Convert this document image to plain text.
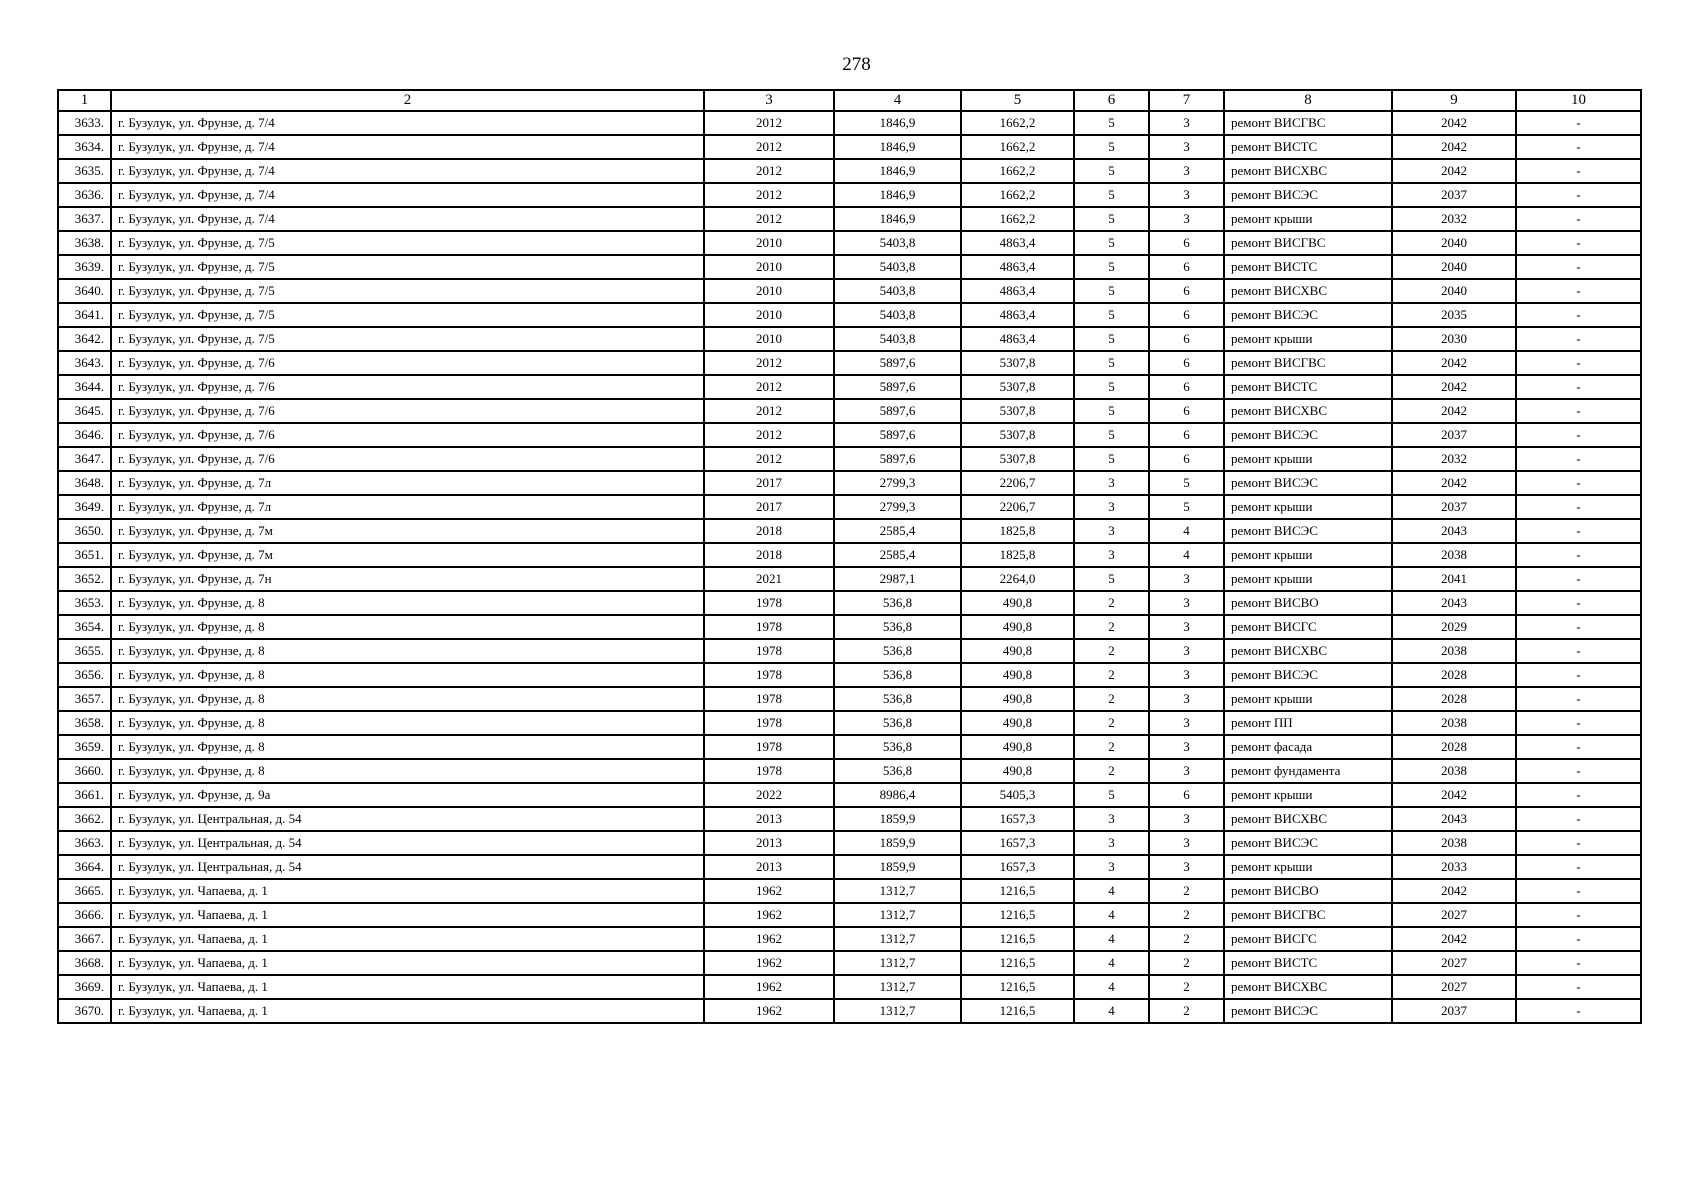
278
1	2	3	4	5	6	7	8	9	10
3633.	г. Бузулук, ул. Фрунзе, д. 7/4	2012	1846,9	1662,2	5	3	ремонт ВИСГВС	2042	-
3634.	г. Бузулук, ул. Фрунзе, д. 7/4	2012	1846,9	1662,2	5	3	ремонт ВИСТС	2042	-
3635.	г. Бузулук, ул. Фрунзе, д. 7/4	2012	1846,9	1662,2	5	3	ремонт ВИСХВС	2042	-
3636.	г. Бузулук, ул. Фрунзе, д. 7/4	2012	1846,9	1662,2	5	3	ремонт ВИСЭС	2037	-
3637.	г. Бузулук, ул. Фрунзе, д. 7/4	2012	1846,9	1662,2	5	3	ремонт крыши	2032	-
3638.	г. Бузулук, ул. Фрунзе, д. 7/5	2010	5403,8	4863,4	5	6	ремонт ВИСГВС	2040	-
3639.	г. Бузулук, ул. Фрунзе, д. 7/5	2010	5403,8	4863,4	5	6	ремонт ВИСТС	2040	-
3640.	г. Бузулук, ул. Фрунзе, д. 7/5	2010	5403,8	4863,4	5	6	ремонт ВИСХВС	2040	-
3641.	г. Бузулук, ул. Фрунзе, д. 7/5	2010	5403,8	4863,4	5	6	ремонт ВИСЭС	2035	-
3642.	г. Бузулук, ул. Фрунзе, д. 7/5	2010	5403,8	4863,4	5	6	ремонт крыши	2030	-
3643.	г. Бузулук, ул. Фрунзе, д. 7/6	2012	5897,6	5307,8	5	6	ремонт ВИСГВС	2042	-
3644.	г. Бузулук, ул. Фрунзе, д. 7/6	2012	5897,6	5307,8	5	6	ремонт ВИСТС	2042	-
3645.	г. Бузулук, ул. Фрунзе, д. 7/6	2012	5897,6	5307,8	5	6	ремонт ВИСХВС	2042	-
3646.	г. Бузулук, ул. Фрунзе, д. 7/6	2012	5897,6	5307,8	5	6	ремонт ВИСЭС	2037	-
3647.	г. Бузулук, ул. Фрунзе, д. 7/6	2012	5897,6	5307,8	5	6	ремонт крыши	2032	-
3648.	г. Бузулук, ул. Фрунзе, д. 7л	2017	2799,3	2206,7	3	5	ремонт ВИСЭС	2042	-
3649.	г. Бузулук, ул. Фрунзе, д. 7л	2017	2799,3	2206,7	3	5	ремонт крыши	2037	-
3650.	г. Бузулук, ул. Фрунзе, д. 7м	2018	2585,4	1825,8	3	4	ремонт ВИСЭС	2043	-
3651.	г. Бузулук, ул. Фрунзе, д. 7м	2018	2585,4	1825,8	3	4	ремонт крыши	2038	-
3652.	г. Бузулук, ул. Фрунзе, д. 7н	2021	2987,1	2264,0	5	3	ремонт крыши	2041	-
3653.	г. Бузулук, ул. Фрунзе, д. 8	1978	536,8	490,8	2	3	ремонт ВИСВО	2043	-
3654.	г. Бузулук, ул. Фрунзе, д. 8	1978	536,8	490,8	2	3	ремонт ВИСГС	2029	-
3655.	г. Бузулук, ул. Фрунзе, д. 8	1978	536,8	490,8	2	3	ремонт ВИСХВС	2038	-
3656.	г. Бузулук, ул. Фрунзе, д. 8	1978	536,8	490,8	2	3	ремонт ВИСЭС	2028	-
3657.	г. Бузулук, ул. Фрунзе, д. 8	1978	536,8	490,8	2	3	ремонт крыши	2028	-
3658.	г. Бузулук, ул. Фрунзе, д. 8	1978	536,8	490,8	2	3	ремонт ПП	2038	-
3659.	г. Бузулук, ул. Фрунзе, д. 8	1978	536,8	490,8	2	3	ремонт фасада	2028	-
3660.	г. Бузулук, ул. Фрунзе, д. 8	1978	536,8	490,8	2	3	ремонт фундамента	2038	-
3661.	г. Бузулук, ул. Фрунзе, д. 9а	2022	8986,4	5405,3	5	6	ремонт крыши	2042	-
3662.	г. Бузулук, ул. Центральная, д. 54	2013	1859,9	1657,3	3	3	ремонт ВИСХВС	2043	-
3663.	г. Бузулук, ул. Центральная, д. 54	2013	1859,9	1657,3	3	3	ремонт ВИСЭС	2038	-
3664.	г. Бузулук, ул. Центральная, д. 54	2013	1859,9	1657,3	3	3	ремонт крыши	2033	-
3665.	г. Бузулук, ул. Чапаева, д. 1	1962	1312,7	1216,5	4	2	ремонт ВИСВО	2042	-
3666.	г. Бузулук, ул. Чапаева, д. 1	1962	1312,7	1216,5	4	2	ремонт ВИСГВС	2027	-
3667.	г. Бузулук, ул. Чапаева, д. 1	1962	1312,7	1216,5	4	2	ремонт ВИСГС	2042	-
3668.	г. Бузулук, ул. Чапаева, д. 1	1962	1312,7	1216,5	4	2	ремонт ВИСТС	2027	-
3669.	г. Бузулук, ул. Чапаева, д. 1	1962	1312,7	1216,5	4	2	ремонт ВИСХВС	2027	-
3670.	г. Бузулук, ул. Чапаева, д. 1	1962	1312,7	1216,5	4	2	ремонт ВИСЭС	2037	-
